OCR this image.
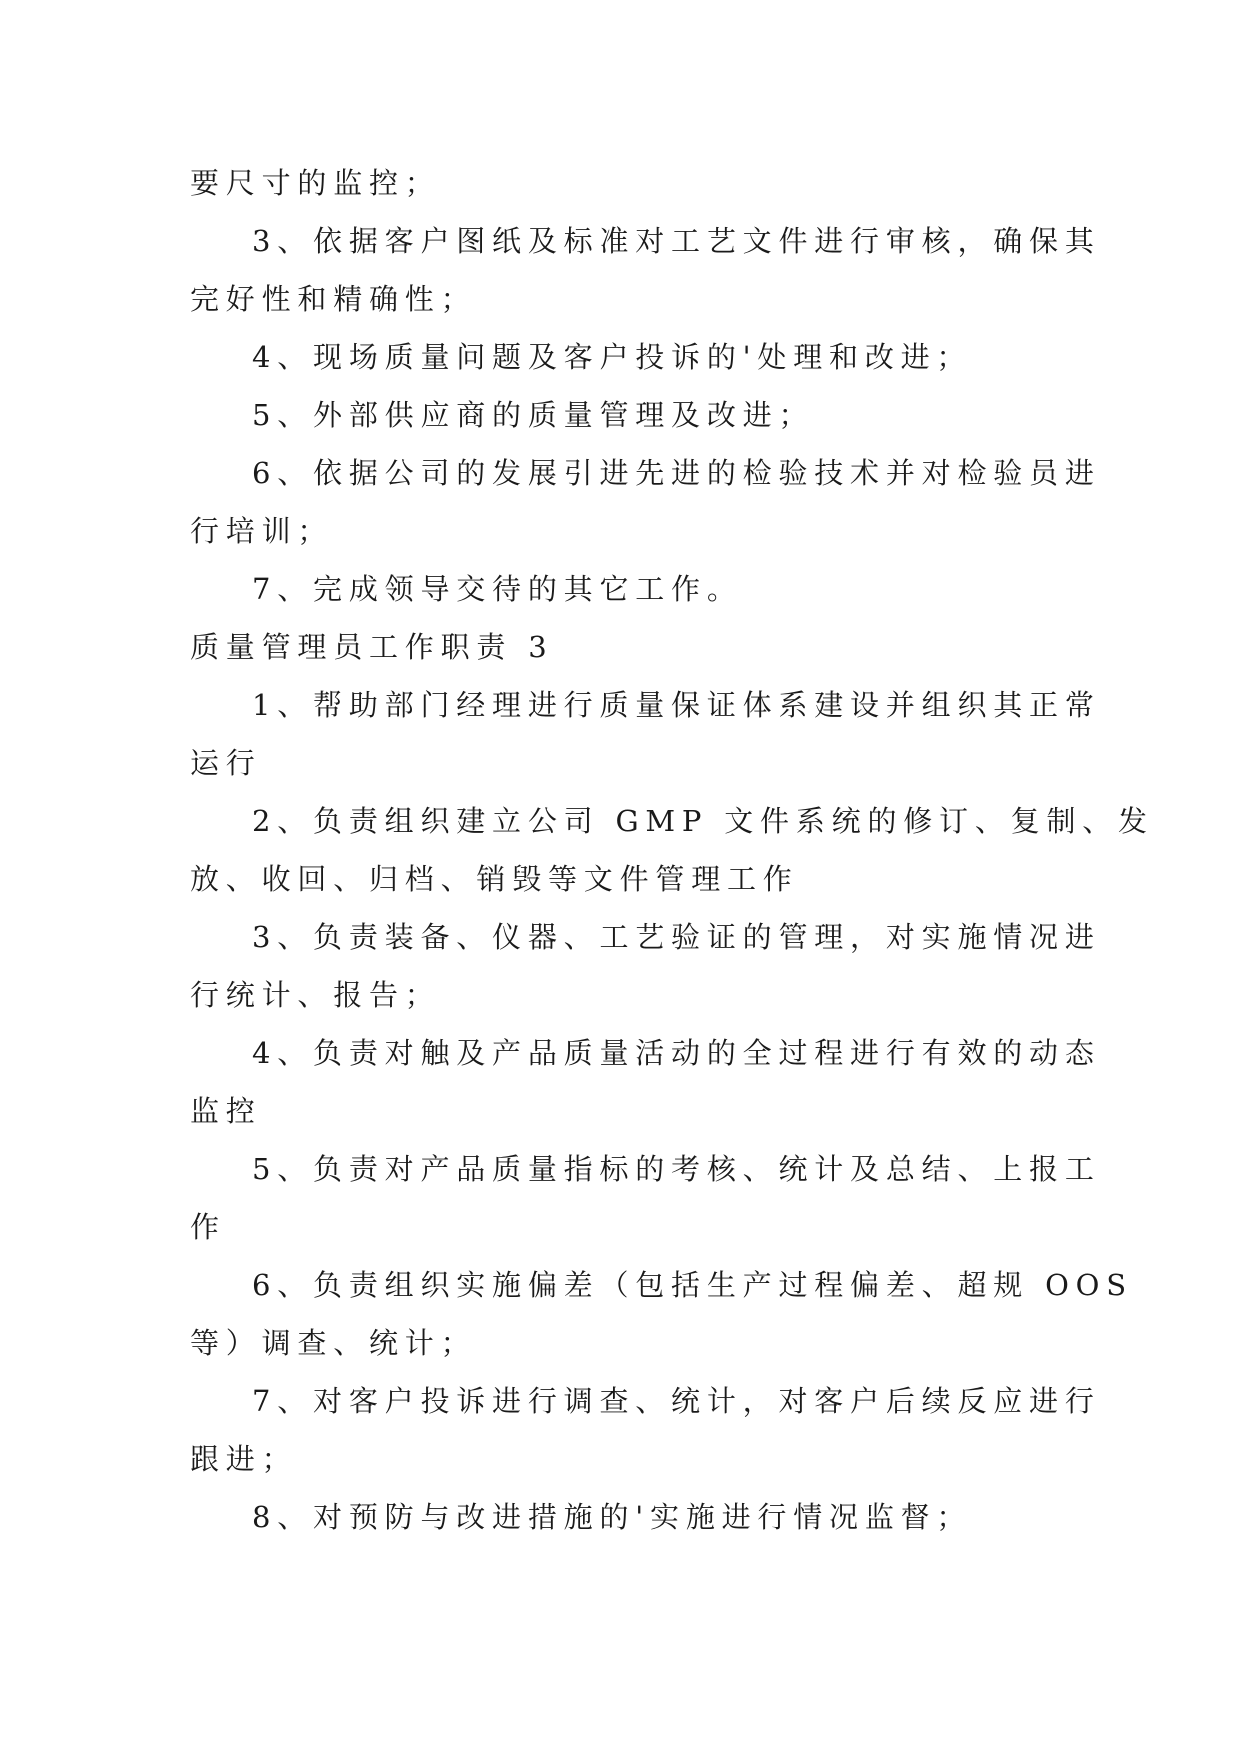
要尺寸的监控；
3、依据客户图纸及标准对工艺文件进行审核，确保其
完好性和精确性；
4、现场质量问题及客户投诉的'处理和改进；
5、外部供应商的质量管理及改进；
6、依据公司的发展引进先进的检验技术并对检验员进
行培训；
7、完成领导交待的其它工作。
质量管理员工作职责 3
1、帮助部门经理进行质量保证体系建设并组织其正常
运行
2、负责组织建立公司 GMP 文件系统的修订、复制、发
放、收回、归档、销毁等文件管理工作
3、负责装备、仪器、工艺验证的管理，对实施情况进
行统计、报告；
4、负责对触及产品质量活动的全过程进行有效的动态
监控
5、负责对产品质量指标的考核、统计及总结、上报工
作
6、负责组织实施偏差（包括生产过程偏差、超规 OOS
等）调查、统计；
7、对客户投诉进行调查、统计，对客户后续反应进行
跟进；
8、对预防与改进措施的'实施进行情况监督；
